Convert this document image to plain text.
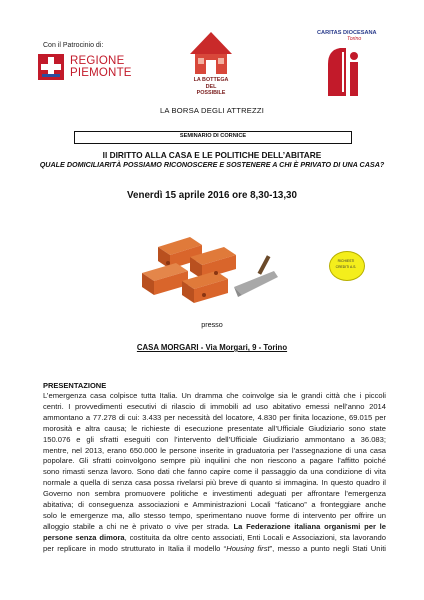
Con il Patrocinio di:
REGIONE
PIEMONTE
LA BOTTEGA
DEL
POSSIBILE
CARITAS DIOCESANA
Torino
LA BORSA DEGLI ATTREZZI
SEMINARIO DI CORNICE
Il DIRITTO ALLA CASA E LE POLITICHE DELL’ABITARE
QUALE DOMICILIARITÀ POSSIAMO RICONOSCERE E SOSTENERE A CHI È PRIVATO DI UNA CASA?
Venerdì 15 aprile 2016 ore 8,30-13,30
RICHIESTI
CREDITI A.S.
presso
CASA MORGARI - Via Morgari, 9 - Torino
PRESENTAZIONE
L’emergenza casa colpisce tutta Italia. Un dramma che coinvolge sia le grandi città che i piccoli
centri. I provvedimenti esecutivi di rilascio di immobili ad uso abitativo emessi nell’anno 2014
ammontano a 77.278 di cui: 3.433 per necessità del locatore, 4.830 per finita locazione, 69.015 per
morosità e altra causa; le richieste di esecuzione presentate all’Ufficiale Giudiziario sono state
150.076 e gli sfratti eseguiti con l’intervento dell’Ufficiale Giudiziario ammontano a 36.083;
mentre, nel 2013, erano 650.000 le persone inserite in graduatoria per l’assegnazione di una casa
popolare. Gli sfratti coinvolgono sempre più inquilini che non riescono a pagare l’affitto poiché
sono rimasti senza lavoro. Sono dati che fanno capire come il passaggio da una condizione di vita
normale a quella di senza casa possa rivelarsi più breve di quanto si immagina. In questo quadro il
Governo non sembra promuovere politiche e investimenti adeguati per affrontare l’emergenza
abitativa; di conseguenza associazioni e Amministrazioni Locali “faticano” a fronteggiare anche
solo le emergenze ma, allo stesso tempo, sperimentano nuove forme di intervento per offrire un
alloggio stabile a chi ne è privato o vive per strada. La Federazione italiana organismi per le
persone senza dimora, costituita da oltre cento associati, Enti Locali e Associazioni, sta lavorando
per replicare in modo strutturato in Italia il modello “Housing first”, messo a punto negli Stati Uniti
